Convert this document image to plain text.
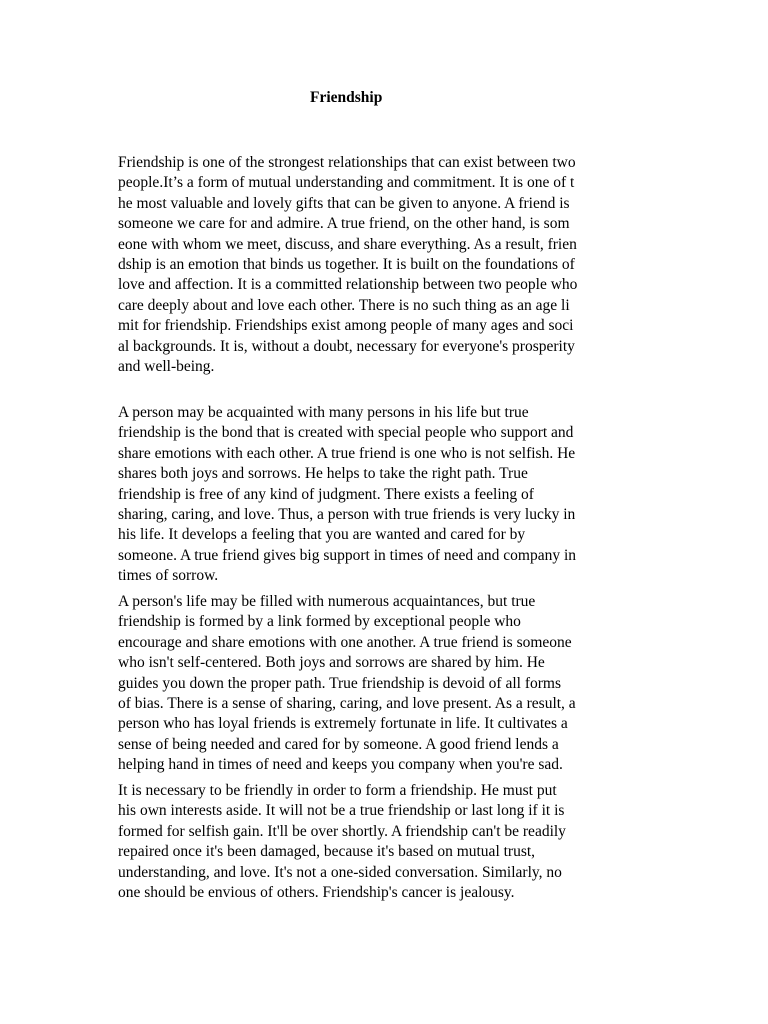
Friendship
Friendship is one of the strongest relationships that can exist between two
people.It’s a form of mutual understanding and commitment. It is one of t
he most valuable and lovely gifts that can be given to anyone. A friend is
someone we care for and admire. A true friend, on the other hand, is som
eone with whom we meet, discuss, and share everything. As a result, frien
dship is an emotion that binds us together. It is built on the foundations of
love and affection. It is a committed relationship between two people who
care deeply about and love each other. There is no such thing as an age li
mit for friendship. Friendships exist among people of many ages and soci
al backgrounds. It is, without a doubt, necessary for everyone's prosperity
and well-being.
A person may be acquainted with many persons in his life but true
friendship is the bond that is created with special people who support and
share emotions with each other. A true friend is one who is not selfish. He
shares both joys and sorrows. He helps to take the right path. True
friendship is free of any kind of judgment. There exists a feeling of
sharing, caring, and love. Thus, a person with true friends is very lucky in
his life. It develops a feeling that you are wanted and cared for by
someone. A true friend gives big support in times of need and company in
times of sorrow.
A person's life may be filled with numerous acquaintances, but true
friendship is formed by a link formed by exceptional people who
encourage and share emotions with one another. A true friend is someone
who isn't self-centered. Both joys and sorrows are shared by him. He
guides you down the proper path. True friendship is devoid of all forms
of bias. There is a sense of sharing, caring, and love present. As a result, a
person who has loyal friends is extremely fortunate in life. It cultivates a
sense of being needed and cared for by someone. A good friend lends a
helping hand in times of need and keeps you company when you're sad.
It is necessary to be friendly in order to form a friendship. He must put
his own interests aside. It will not be a true friendship or last long if it is
formed for selfish gain. It'll be over shortly. A friendship can't be readily
repaired once it's been damaged, because it's based on mutual trust,
understanding, and love. It's not a one-sided conversation. Similarly, no
one should be envious of others. Friendship's cancer is jealousy.
